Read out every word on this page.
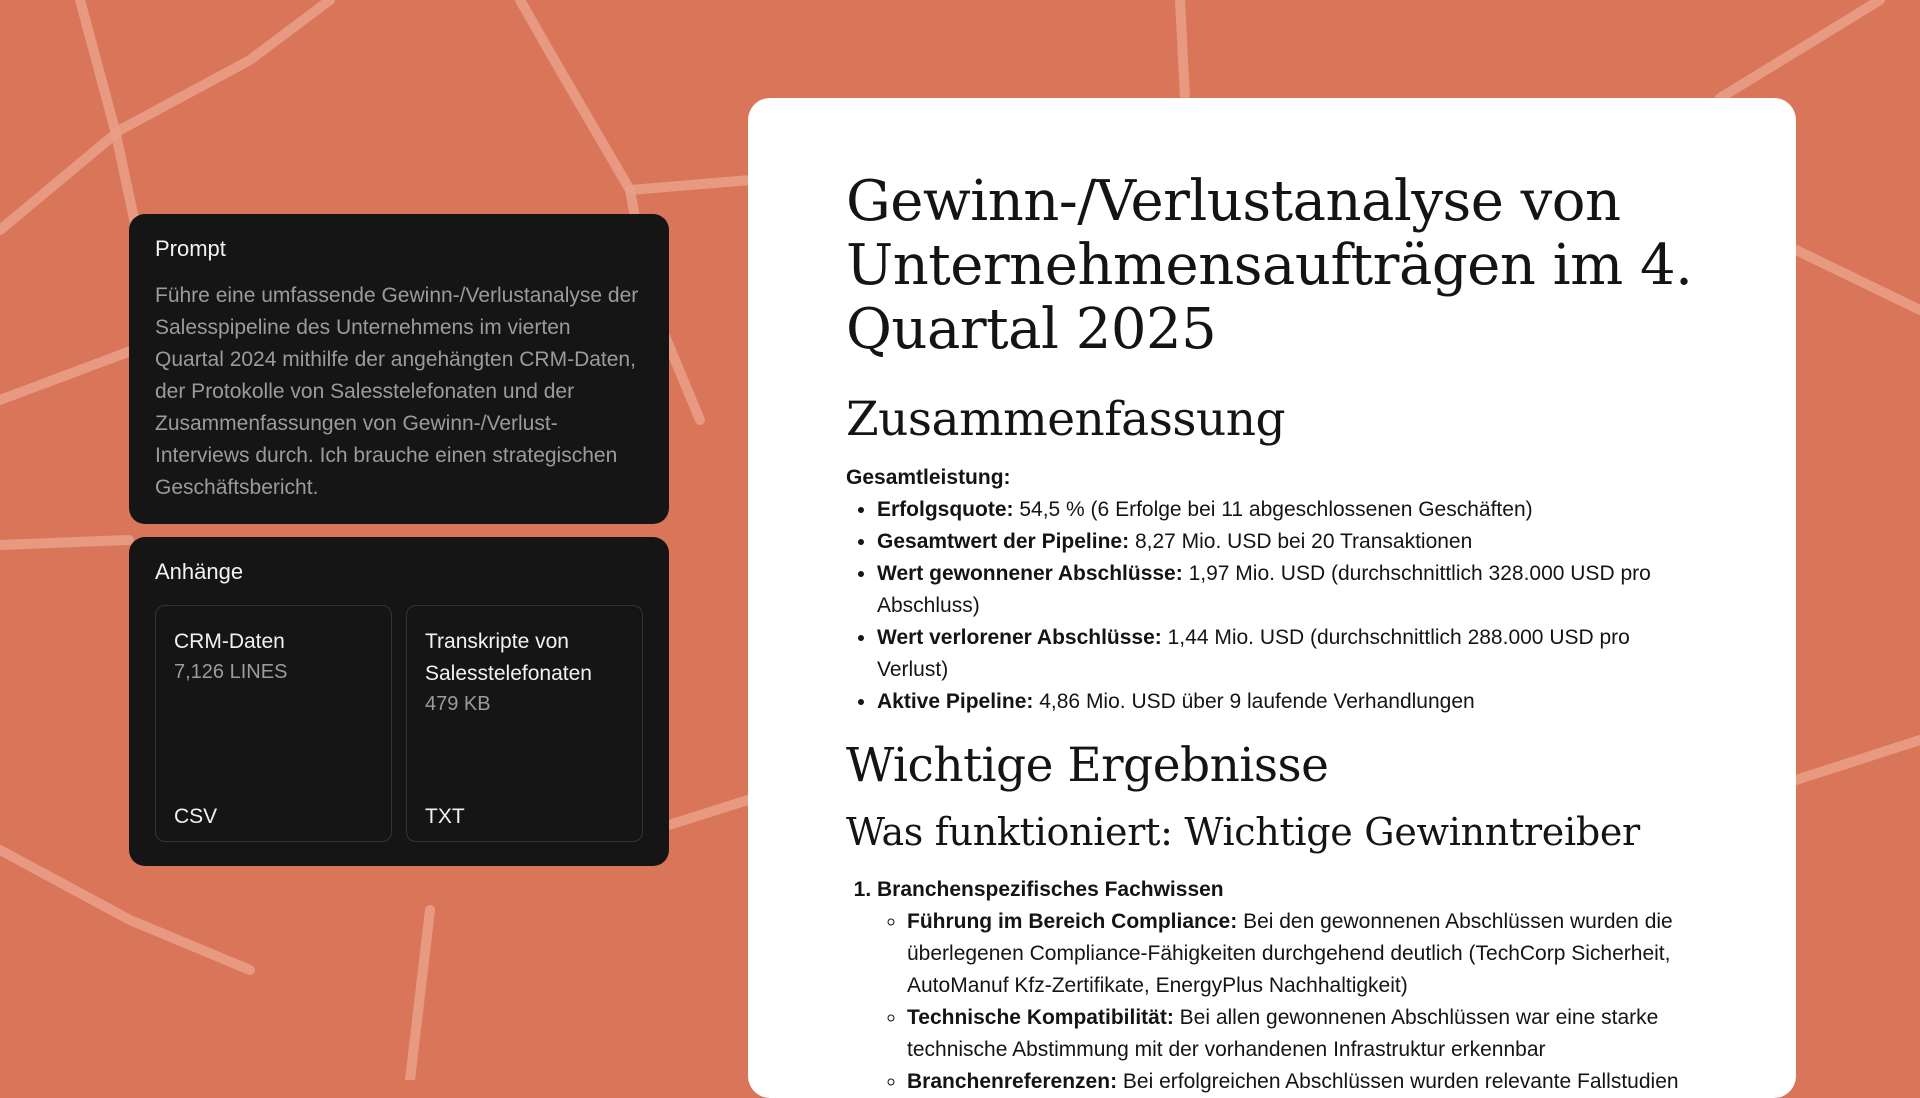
Prompt
Führe eine umfassende Gewinn-/Verlustanalyse der Salesspipeline des Unternehmens im vierten Quartal 2024 mithilfe der angehängten CRM-Daten, der Protokolle von Salesstelefonaten und der Zusammenfassungen von Gewinn-/Verlust-Interviews durch. Ich brauche einen strategischen Geschäftsbericht.
Anhänge
CRM-Daten
7,126 LINES
CSV
Transkripte von Salesstelefonaten
479 KB
TXT
Gewinn-/Verlustanalyse von Unternehmensaufträgen im 4. Quartal 2025
Zusammenfassung
Gesamtleistung:
• Erfolgsquote: 54,5 % (6 Erfolge bei 11 abgeschlossenen Geschäften)
• Gesamtwert der Pipeline: 8,27 Mio. USD bei 20 Transaktionen
• Wert gewonnener Abschlüsse: 1,97 Mio. USD (durchschnittlich 328.000 USD pro Abschluss)
• Wert verlorener Abschlüsse: 1,44 Mio. USD (durchschnittlich 288.000 USD pro Verlust)
• Aktive Pipeline: 4,86 Mio. USD über 9 laufende Verhandlungen
Wichtige Ergebnisse
Was funktioniert: Wichtige Gewinntreiber
1. Branchenspezifisches Fachwissen
◦ Führung im Bereich Compliance: Bei den gewonnenen Abschlüssen wurden die überlegenen Compliance-Fähigkeiten durchgehend deutlich (TechCorp Sicherheit, AutoManuf Kfz-Zertifikate, EnergyPlus Nachhaltigkeit)
◦ Technische Kompatibilität: Bei allen gewonnenen Abschlüssen war eine starke technische Abstimmung mit der vorhandenen Infrastruktur erkennbar
◦ Branchenreferenzen: Bei erfolgreichen Abschlüssen wurden relevante Fallstudien
